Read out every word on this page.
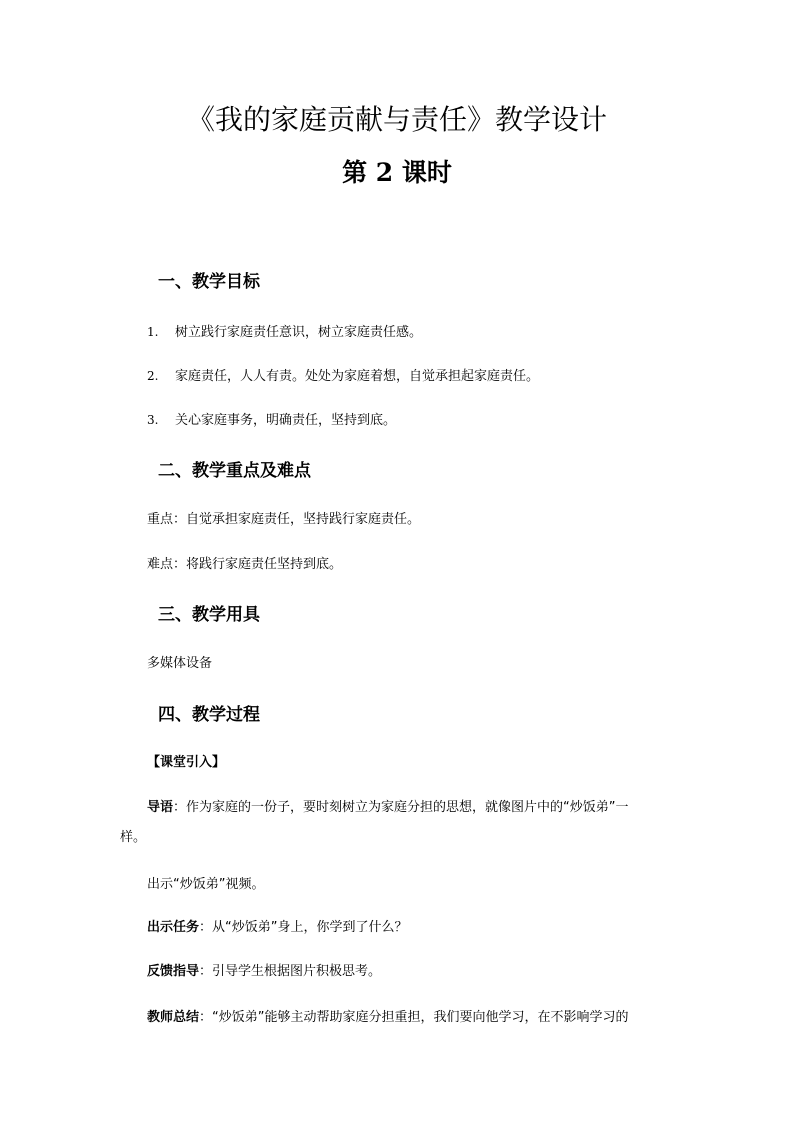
《我的家庭贡献与责任》教学设计
第 2 课时
一、教学目标
1. 树立践行家庭责任意识，树立家庭责任感。
2. 家庭责任，人人有责。处处为家庭着想，自觉承担起家庭责任。
3. 关心家庭事务，明确责任，坚持到底。
二、教学重点及难点
重点：自觉承担家庭责任，坚持践行家庭责任。
难点：将践行家庭责任坚持到底。
三、教学用具
多媒体设备
四、教学过程
【课堂引入】
导语：作为家庭的一份子，要时刻树立为家庭分担的思想，就像图片中的“炒饭弟”一
样。
出示“炒饭弟”视频。
出示任务：从“炒饭弟”身上，你学到了什么？
反馈指导：引导学生根据图片积极思考。
教师总结：“炒饭弟”能够主动帮助家庭分担重担，我们要向他学习，在不影响学习的
